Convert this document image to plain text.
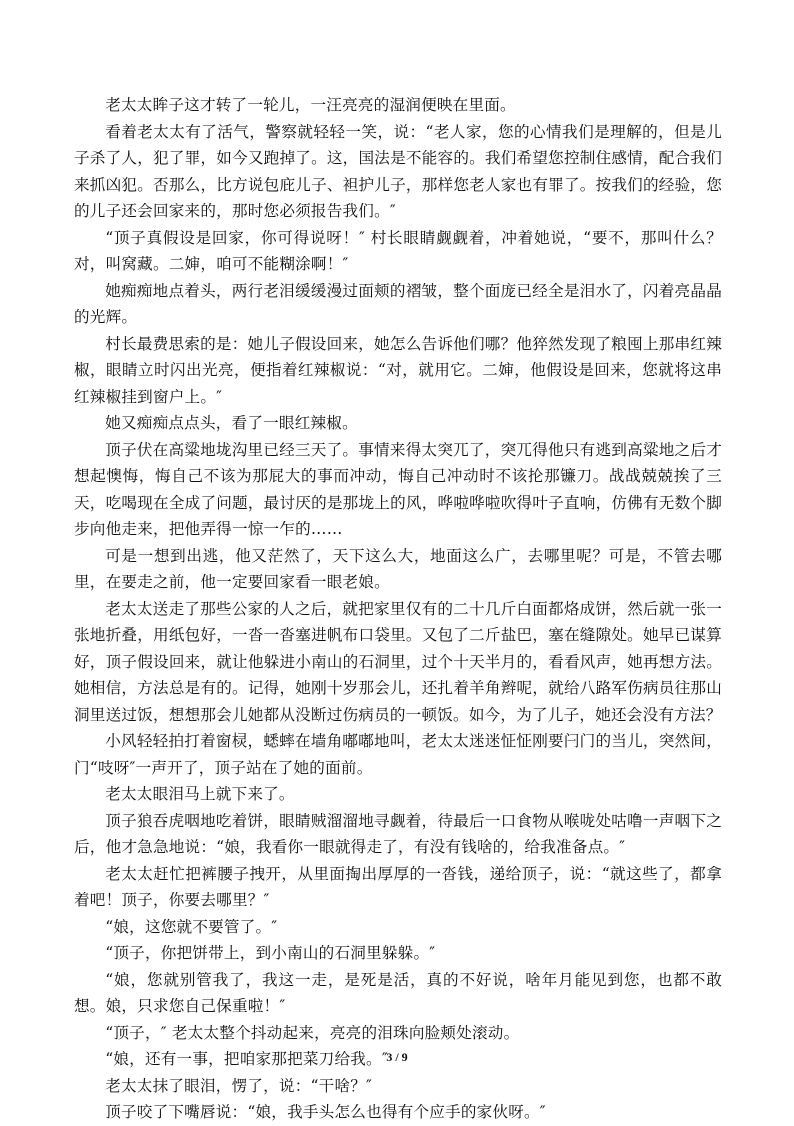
老太太眸子这才转了一轮儿，一汪亮亮的湿润便映在里面。

看着老太太有了活气，警察就轻轻一笑，说：“老人家，您的心情我们是理解的，但是儿子杀了人，犯了罪，如今又跑掉了。这，国法是不能容的。我们希望您控制住感情，配合我们来抓凶犯。否那么，比方说包庇儿子、袒护儿子，那样您老人家也有罪了。按我们的经验，您的儿子还会回家来的，那时您必须报告我们。″

“顶子真假设是回家，你可得说呀！″ 村长眼睛觑觑着，冲着她说，“要不，那叫什么？对，叫窝藏。二婶，咱可不能糊涂啊！″

她痴痴地点着头，两行老泪缓缓漫过面颊的褶皱，整个面庞已经全是泪水了，闪着亮晶晶的光辉。

村长最费思索的是：她儿子假设回来，她怎么告诉他们哪？他猝然发现了粮囤上那串红辣椒，眼睛立时闪出光亮，便指着红辣椒说：“对，就用它。二婶，他假设是回来，您就将这串红辣椒挂到窗户上。″

她又痴痴点点头，看了一眼红辣椒。

顶子伏在高粱地垅沟里已经三天了。事情来得太突兀了，突兀得他只有逃到高粱地之后才想起懊悔，悔自己不该为那屁大的事而冲动，悔自己冲动时不该抡那镰刀。战战兢兢挨了三天，吃喝现在全成了问题，最讨厌的是那垅上的风，哗啦哗啦吹得叶子直响，仿佛有无数个脚步向他走来，把他弄得一惊一乍的……

可是一想到出逃，他又茫然了，天下这么大，地面这么广，去哪里呢？可是，不管去哪里，在要走之前，他一定要回家看一眼老娘。

老太太送走了那些公家的人之后，就把家里仅有的二十几斤白面都烙成饼，然后就一张一张地折叠，用纸包好，一沓一沓塞进帆布口袋里。又包了二斤盐巴，塞在缝隙处。她早已谋算好，顶子假设回来，就让他躲进小南山的石洞里，过个十天半月的，看看风声，她再想方法。她相信，方法总是有的。记得，她刚十岁那会儿，还扎着羊角辫呢，就给八路军伤病员往那山洞里送过饭，想想那会儿她都从没断过伤病员的一顿饭。如今，为了儿子，她还会没有方法？

小风轻轻拍打着窗棂，蟋蟀在墙角嘟嘟地叫，老太太迷迷怔怔刚要闩门的当儿，突然间，门“吱呀″一声开了，顶子站在了她的面前。

老太太眼泪马上就下来了。

顶子狼吞虎咽地吃着饼，眼睛贼溜溜地寻觑着，待最后一口食物从喉咙处咕噜一声咽下之后，他才急急地说：“娘，我看你一眼就得走了，有没有钱啥的，给我准备点。″

老太太赶忙把裤腰子拽开，从里面掏出厚厚的一沓钱，递给顶子，说：“就这些了，都拿着吧！顶子，你要去哪里？″

“娘，这您就不要管了。″

“顶子，你把饼带上，到小南山的石洞里躲躲。″

“娘，您就别管我了，我这一走，是死是活，真的不好说，啥年月能见到您，也都不敢想。娘，只求您自己保重啦！″

“顶子，″ 老太太整个抖动起来，亮亮的泪珠向脸颊处滚动。

“娘，还有一事，把咱家那把菜刀给我。″

老太太抹了眼泪，愣了，说：“干啥？″

顶子咬了下嘴唇说：“娘，我手头怎么也得有个应手的家伙呀。″

3 / 9
